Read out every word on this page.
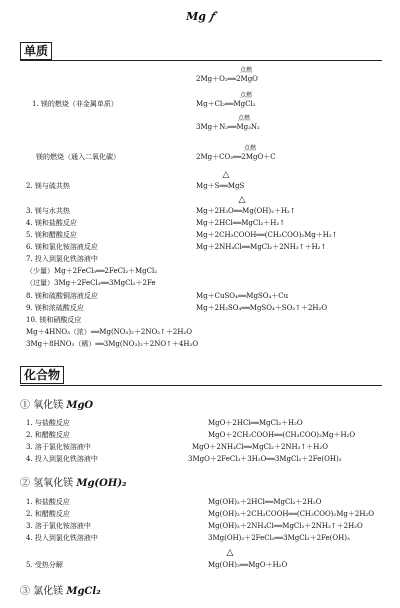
Mg 𝑓
单质
点燃
2Mg＋O₂══2MgO
点燃
1. 镁的燃烧（非金属单质）	Mg＋Cl₂══MgCl₂
点燃
3Mg＋N₂══Mg₃N₂
点燃
镁的燃烧（通入二氧化碳）	2Mg＋CO₂══2MgO＋C
△
2. 镁与硫共热	Mg＋S══MgS
△
3. 镁与水共热	Mg＋2H₂O══Mg(OH)₂＋H₂↑
4. 镁和盐酸反应	Mg＋2HCl══MgCl₂＋H₂↑
5. 镁和醋酸反应	Mg＋2CH₃COOH══(CH₃COO)₂Mg＋H₂↑
6. 镁和氯化铵溶液反应	Mg＋2NH₄Cl══MgCl₂＋2NH₃↑＋H₂↑
7. 投入到氯化铁溶液中
（少量）Mg＋2FeCl₃══2FeCl₂＋MgCl₂
（过量）3Mg＋2FeCl₃══3MgCl₂＋2Fe
8. 镁和硫酸铜溶液反应	Mg＋CuSO₄══MgSO₄＋Cu
9. 镁和浓硫酸反应	Mg＋2H₂SO₄══MgSO₄＋SO₂↑＋2H₂O
10. 镁和硝酸反应
Mg＋4HNO₃（浓）══Mg(NO₃)₂＋2NO₂↑＋2H₂O
3Mg＋8HNO₃（稀）══3Mg(NO₃)₂＋2NO↑＋4H₂O
化合物
① 氧化镁 MgO
1. 与盐酸反应	MgO＋2HCl══MgCl₂＋H₂O
2. 和醋酸反应	MgO＋2CH₃COOH══(CH₃COO)₂Mg＋H₂O
3. 溶于氯化铵溶液中	MgO＋2NH₄Cl══MgCl₂＋2NH₃↑＋H₂O
4. 投入到氯化铁溶液中	3MgO＋2FeCl₃＋3H₂O══3MgCl₂＋2Fe(OH)₃
② 氢氧化镁 Mg(OH)₂
1. 和盐酸反应	Mg(OH)₂＋2HCl══MgCl₂＋2H₂O
2. 和醋酸反应	Mg(OH)₂＋2CH₃COOH══(CH₃COO)₂Mg＋2H₂O
3. 溶于氯化铵溶液中	Mg(OH)₂＋2NH₄Cl══MgCl₂＋2NH₃↑＋2H₂O
4. 投入到氯化铁溶液中	3Mg(OH)₂＋2FeCl₃══3MgCl₂＋2Fe(OH)₃
△
5. 受热分解	Mg(OH)₂══MgO＋H₂O
③ 氯化镁 MgCl₂
